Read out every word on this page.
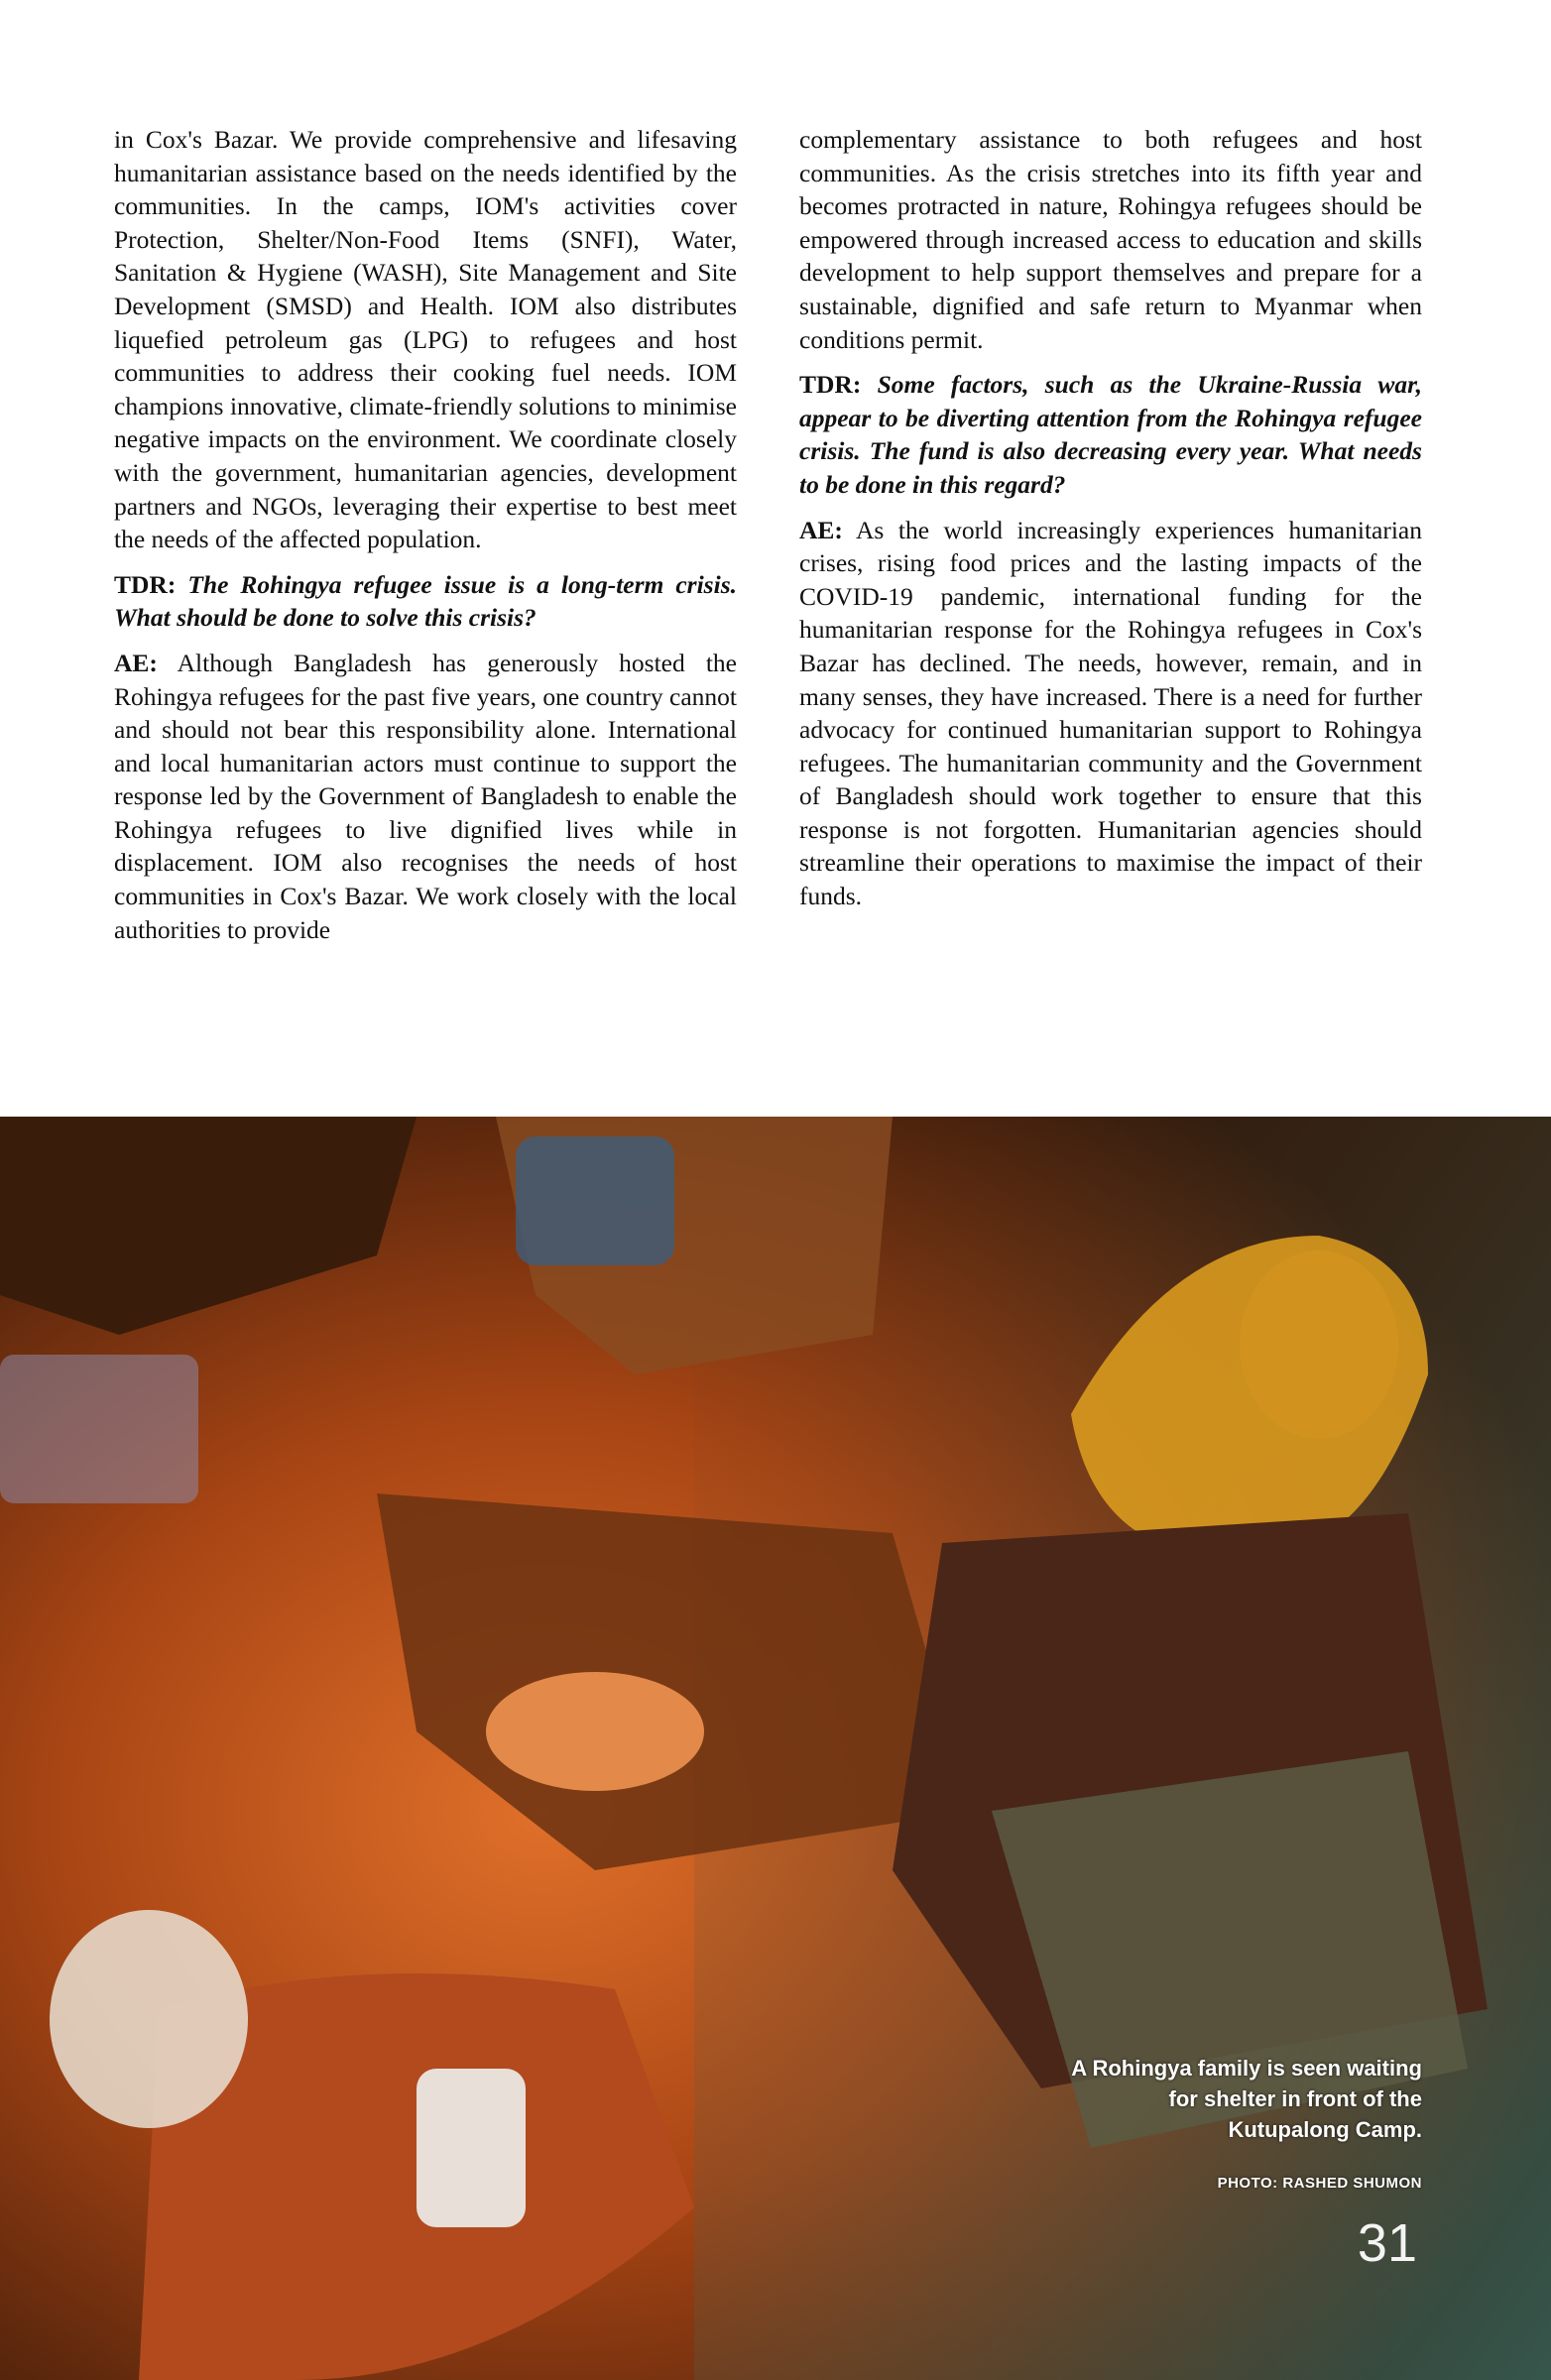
in Cox's Bazar. We provide comprehensive and lifesaving humanitarian assistance based on the needs identified by the communities. In the camps, IOM's activities cover Protection, Shelter/Non-Food Items (SNFI), Water, Sanitation & Hygiene (WASH), Site Management and Site Development (SMSD) and Health. IOM also distributes liquefied petroleum gas (LPG) to refugees and host communities to address their cooking fuel needs. IOM champions innovative, climate-friendly solutions to minimise negative impacts on the environment. We coordinate closely with the government, humanitarian agencies, development partners and NGOs, leveraging their expertise to best meet the needs of the affected population.

TDR: The Rohingya refugee issue is a long-term crisis. What should be done to solve this crisis?

AE: Although Bangladesh has generously hosted the Rohingya refugees for the past five years, one country cannot and should not bear this responsibility alone. International and local humanitarian actors must continue to support the response led by the Government of Bangladesh to enable the Rohingya refugees to live dignified lives while in displacement. IOM also recognises the needs of host communities in Cox's Bazar. We work closely with the local authorities to provide

complementary assistance to both refugees and host communities. As the crisis stretches into its fifth year and becomes protracted in nature, Rohingya refugees should be empowered through increased access to education and skills development to help support themselves and prepare for a sustainable, dignified and safe return to Myanmar when conditions permit.

TDR: Some factors, such as the Ukraine-Russia war, appear to be diverting attention from the Rohingya refugee crisis. The fund is also decreasing every year. What needs to be done in this regard?

AE: As the world increasingly experiences humanitarian crises, rising food prices and the lasting impacts of the COVID-19 pandemic, international funding for the humanitarian response for the Rohingya refugees in Cox's Bazar has declined. The needs, however, remain, and in many senses, they have increased. There is a need for further advocacy for continued humanitarian support to Rohingya refugees. The humanitarian community and the Government of Bangladesh should work together to ensure that this response is not forgotten. Humanitarian agencies should streamline their operations to maximise the impact of their funds.

A Rohingya family is seen waiting for shelter in front of the Kutupalong Camp.
PHOTO: RASHED SHUMON
31
